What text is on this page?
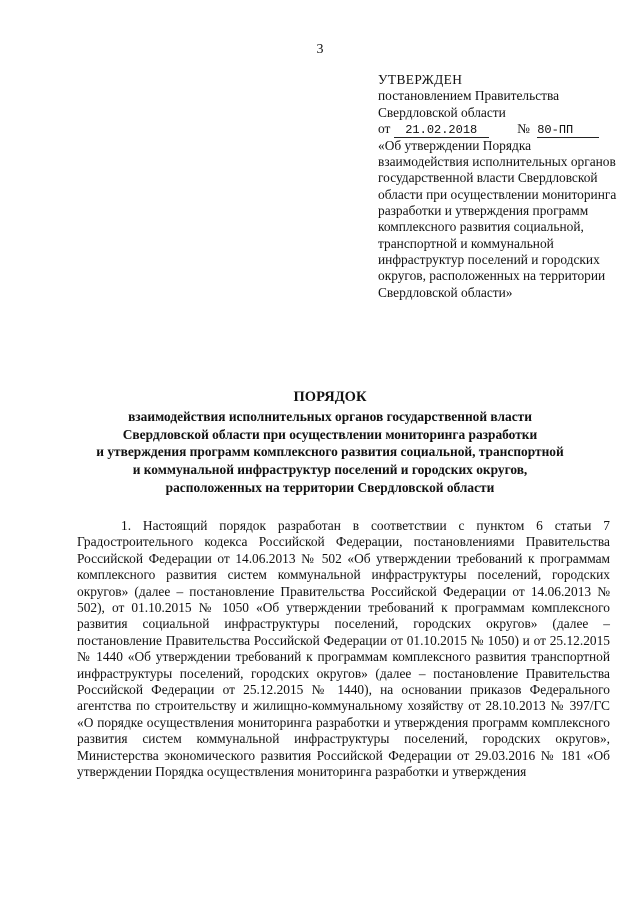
3
УТВЕРЖДЕН
постановлением Правительства
Свердловской области
от 21.02.2018	№ 80-ПП
«Об утверждении Порядка взаимодействия исполнительных органов государственной власти Свердловской области при осуществлении мониторинга разработки и утверждения программ комплексного развития социальной, транспортной и коммунальной инфраструктур поселений и городских округов, расположенных на территории Свердловской области»
ПОРЯДОК
взаимодействия исполнительных органов государственной власти
Свердловской области при осуществлении мониторинга разработки
и утверждения программ комплексного развития социальной, транспортной
и коммунальной инфраструктур поселений и городских округов,
расположенных на территории Свердловской области

1. Настоящий порядок разработан в соответствии с пунктом 6 статьи 7 Градостроительного кодекса Российской Федерации, постановлениями Правительства Российской Федерации от 14.06.2013 № 502 «Об утверждении требований к программам комплексного развития систем коммунальной инфраструктуры поселений, городских округов» (далее – постановление Правительства Российской Федерации от 14.06.2013 № 502), от 01.10.2015 № 1050 «Об утверждении требований к программам комплексного развития социальной инфраструктуры поселений, городских округов» (далее – постановление Правительства Российской Федерации от 01.10.2015 № 1050) и от 25.12.2015 № 1440 «Об утверждении требований к программам комплексного развития транспортной инфраструктуры поселений, городских округов» (далее – постановление Правительства Российской Федерации от 25.12.2015 № 1440), на основании приказов Федерального агентства по строительству и жилищно-коммунальному хозяйству от 28.10.2013 № 397/ГС «О порядке осуществления мониторинга разработки и утверждения программ комплексного развития систем коммунальной инфраструктуры поселений, городских округов», Министерства экономического развития Российской Федерации от 29.03.2016 № 181 «Об утверждении Порядка осуществления мониторинга разработки и утверждения
